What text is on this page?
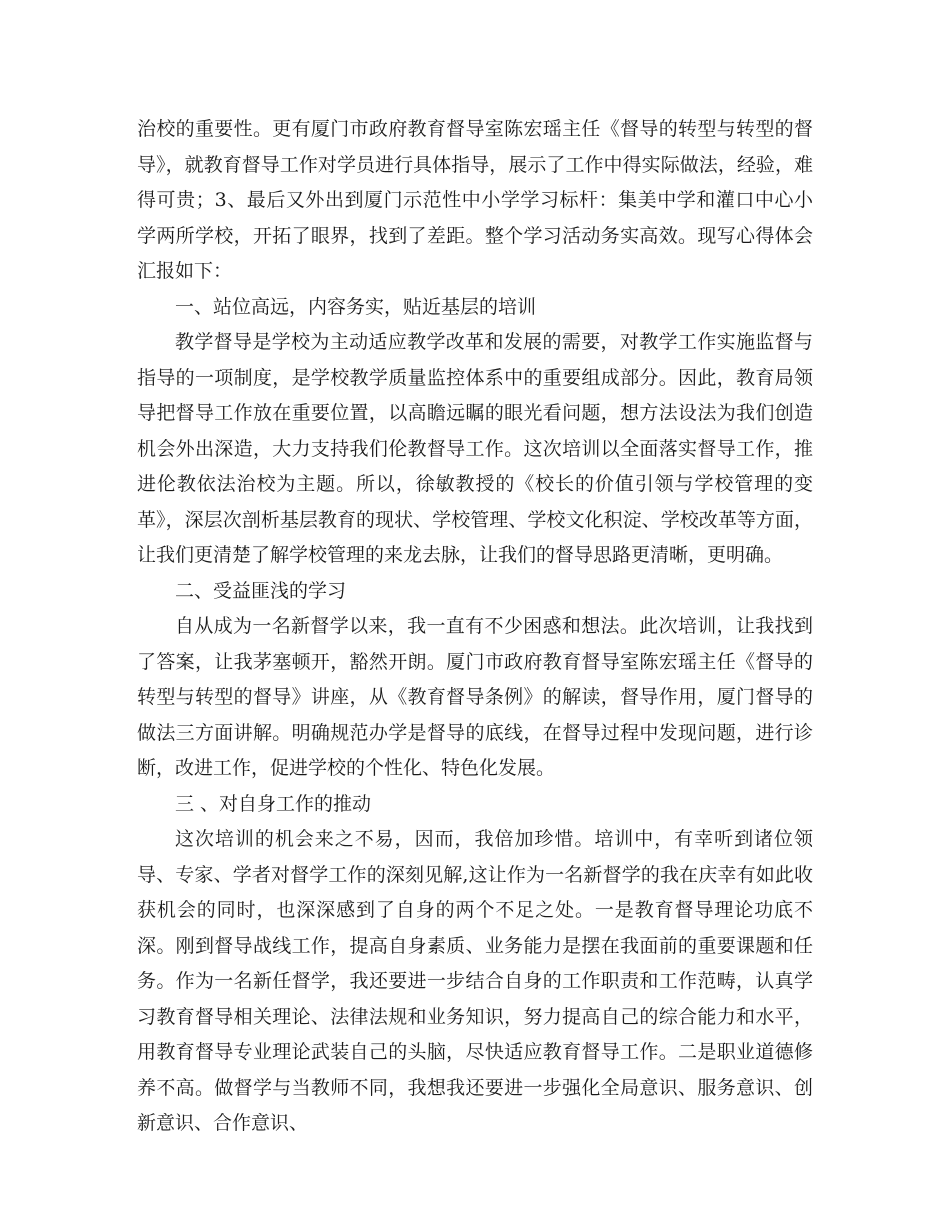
治校的重要性。更有厦门市政府教育督导室陈宏瑶主任《督导的转型与转型的督导》，就教育督导工作对学员进行具体指导，展示了工作中得实际做法，经验，难得可贵；3、最后又外出到厦门示范性中小学学习标杆：集美中学和灌口中心小学两所学校，开拓了眼界，找到了差距。整个学习活动务实高效。现写心得体会汇报如下：

一、站位高远，内容务实，贴近基层的培训

教学督导是学校为主动适应教学改革和发展的需要，对教学工作实施监督与指导的一项制度，是学校教学质量监控体系中的重要组成部分。因此，教育局领导把督导工作放在重要位置，以高瞻远瞩的眼光看问题，想方法设法为我们创造机会外出深造，大力支持我们伦教督导工作。这次培训以全面落实督导工作，推进伦教依法治校为主题。所以，徐敏教授的《校长的价值引领与学校管理的变革》，深层次剖析基层教育的现状、学校管理、学校文化积淀、学校改革等方面，让我们更清楚了解学校管理的来龙去脉，让我们的督导思路更清晰，更明确。

二、受益匪浅的学习

自从成为一名新督学以来，我一直有不少困惑和想法。此次培训，让我找到了答案，让我茅塞顿开，豁然开朗。厦门市政府教育督导室陈宏瑶主任《督导的转型与转型的督导》讲座，从《教育督导条例》的解读，督导作用，厦门督导的做法三方面讲解。明确规范办学是督导的底线，在督导过程中发现问题，进行诊断，改进工作，促进学校的个性化、特色化发展。

三 、对自身工作的推动

这次培训的机会来之不易，因而，我倍加珍惜。培训中，有幸听到诸位领导、专家、学者对督学工作的深刻见解,这让作为一名新督学的我在庆幸有如此收获机会的同时，也深深感到了自身的两个不足之处。一是教育督导理论功底不深。刚到督导战线工作，提高自身素质、业务能力是摆在我面前的重要课题和任务。作为一名新任督学，我还要进一步结合自身的工作职责和工作范畴，认真学习教育督导相关理论、法律法规和业务知识，努力提高自己的综合能力和水平，用教育督导专业理论武装自己的头脑，尽快适应教育督导工作。二是职业道德修养不高。做督学与当教师不同，我想我还要进一步强化全局意识、服务意识、创新意识、合作意识、
